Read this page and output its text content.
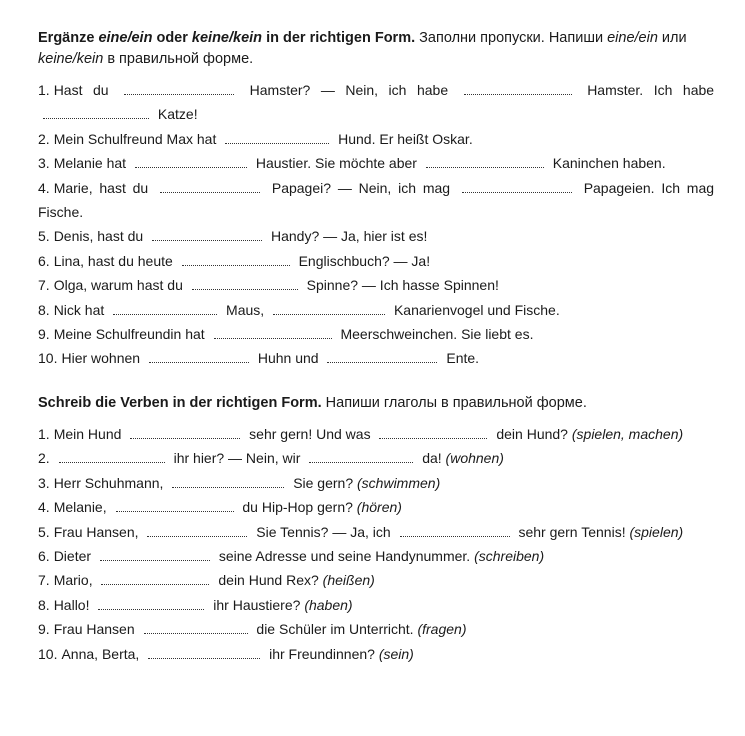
Ergänze eine/ein oder keine/kein in der richtigen Form. Заполни пропуски. Напиши eine/ein или keine/kein в правильной форме.

1. Hast du	Hamster? — Nein, ich habe	Hamster. Ich habe  Katze!
2. Mein Schulfreund Max hat	Hund. Er heißt Oskar.
3. Melanie hat	Haustier. Sie möchte aber	Kaninchen haben.
4. Marie, hast du	Papagei? — Nein, ich mag	Papageien. Ich mag Fische.
5. Denis, hast du	Handy? — Ja, hier ist es!
6. Lina, hast du heute	Englischbuch? — Ja!
7. Olga, warum hast du	Spinne? — Ich hasse Spinnen!
8. Nick hat	Maus,	Kanarienvogel und Fische.
9. Meine Schulfreundin hat	Meerschweinchen. Sie liebt es.
10. Hier wohnen	Huhn und	Ente.

Schreib die Verben in der richtigen Form. Напиши глаголы в правильной форме.

1. Mein Hund	sehr gern! Und was	dein Hund? (spielen, machen)
2.	ihr hier? — Nein, wir	da! (wohnen)
3. Herr Schuhmann,	Sie gern? (schwimmen)
4. Melanie,	du Hip-Hop gern? (hören)
5. Frau Hansen,	Sie Tennis? — Ja, ich	sehr gern Tennis! (spielen)
6. Dieter	seine Adresse und seine Handynummer. (schreiben)
7. Mario,	dein Hund Rex? (heißen)
8. Hallo!	ihr Haustiere? (haben)
9. Frau Hansen	die Schüler im Unterricht. (fragen)
10. Anna, Berta,	ihr Freundinnen? (sein)
